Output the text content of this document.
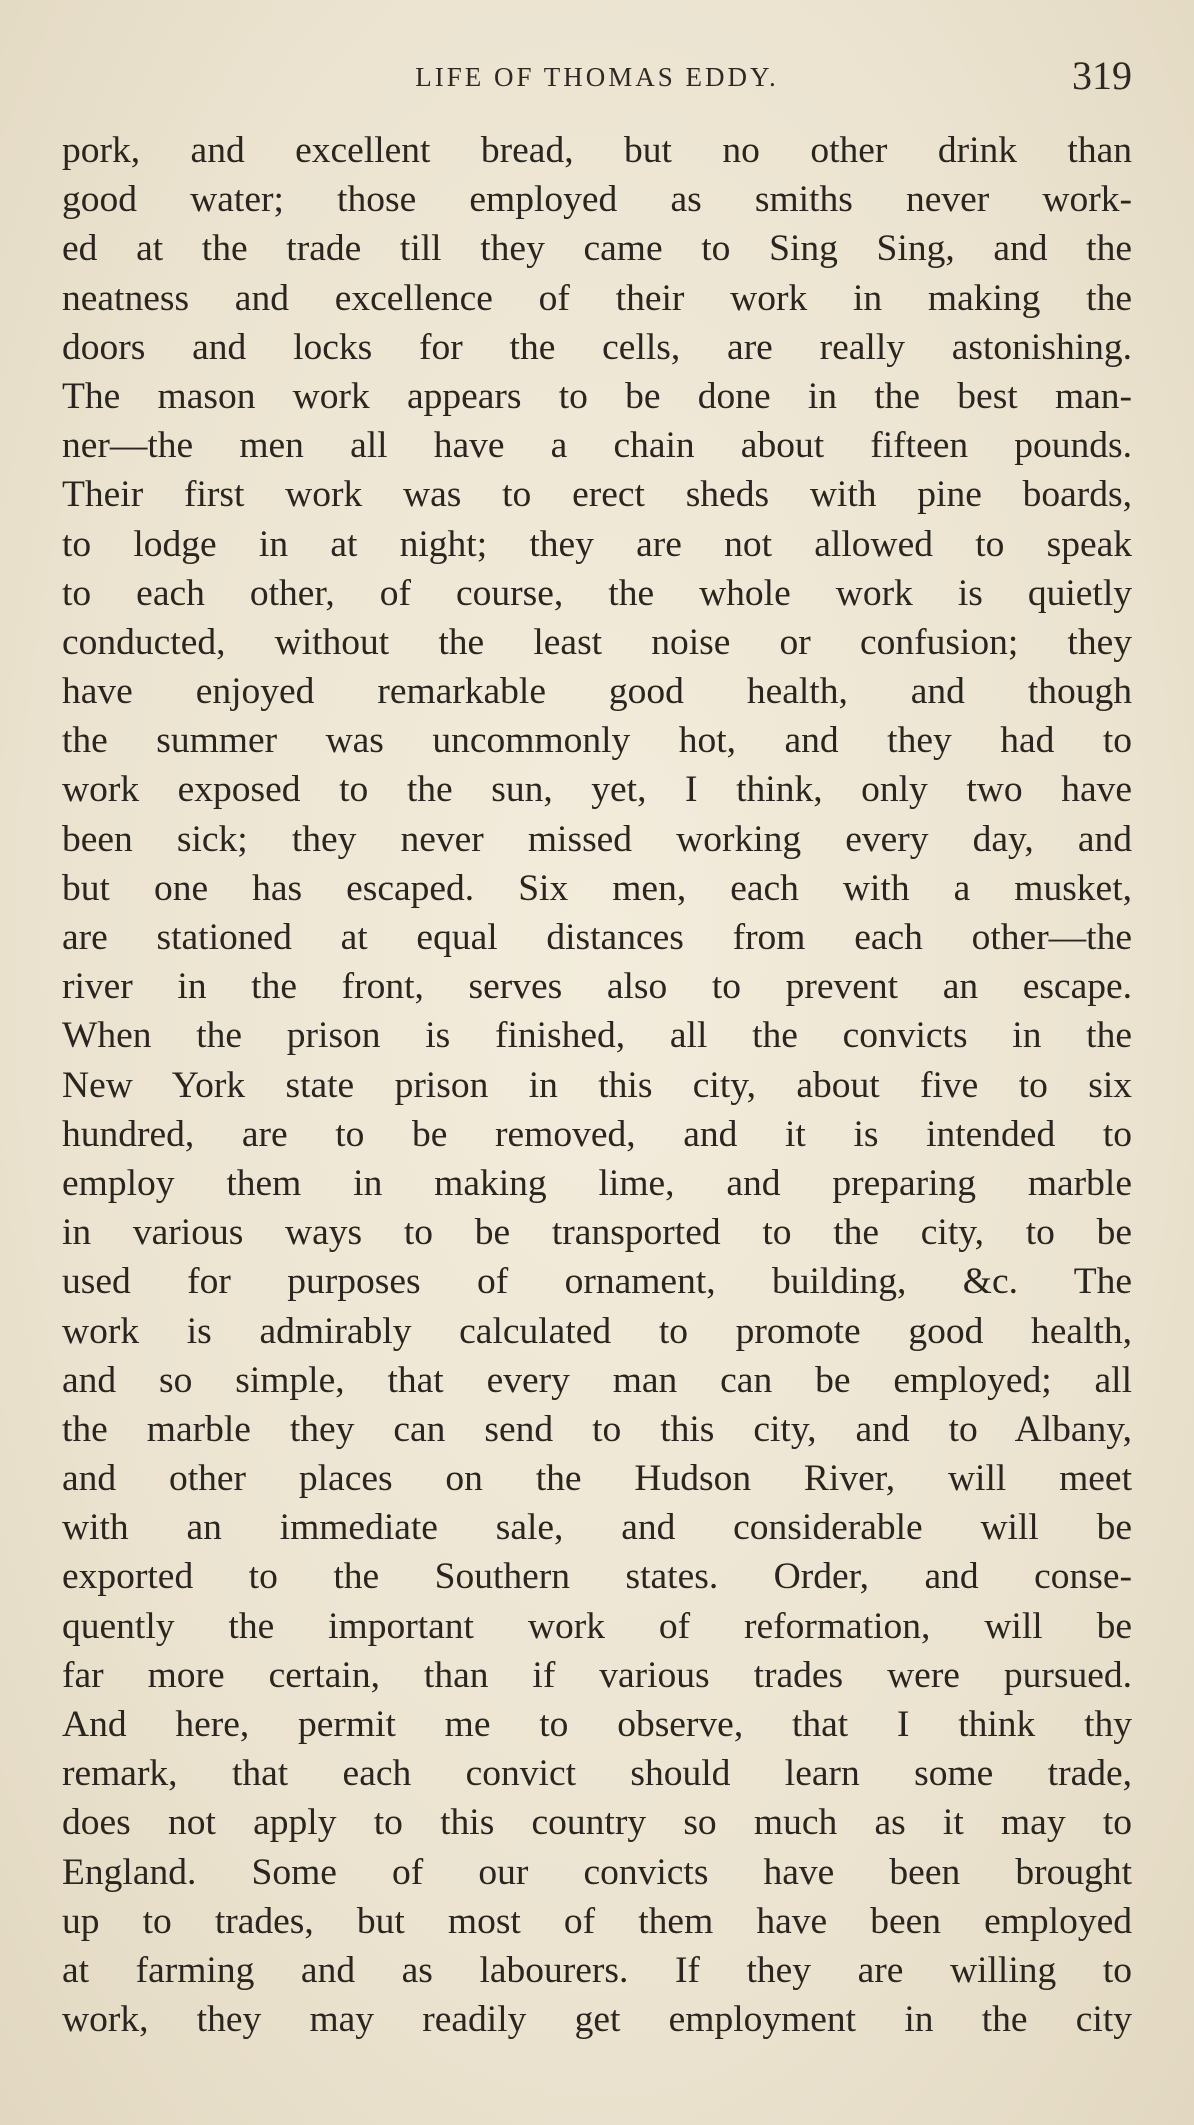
LIFE OF THOMAS EDDY.	319
pork, and excellent bread, but no other drink than
good water; those employed as smiths never work-
ed at the trade till they came to Sing Sing, and the
neatness and excellence of their work in making the
doors and locks for the cells, are really astonishing.
The mason work appears to be done in the best man-
ner—the men all have a chain about fifteen pounds.
Their first work was to erect sheds with pine boards,
to lodge in at night; they are not allowed to speak
to each other, of course, the whole work is quietly
conducted, without the least noise or confusion; they
have enjoyed remarkable good health, and though
the summer was uncommonly hot, and they had to
work exposed to the sun, yet, I think, only two have
been sick; they never missed working every day, and
but one has escaped. Six men, each with a musket,
are stationed at equal distances from each other—the
river in the front, serves also to prevent an escape.
When the prison is finished, all the convicts in the
New York state prison in this city, about five to six
hundred, are to be removed, and it is intended to
employ them in making lime, and preparing marble
in various ways to be transported to the city, to be
used for purposes of ornament, building, &c. The
work is admirably calculated to promote good health,
and so simple, that every man can be employed; all
the marble they can send to this city, and to Albany,
and other places on the Hudson River, will meet
with an immediate sale, and considerable will be
exported to the Southern states. Order, and conse-
quently the important work of reformation, will be
far more certain, than if various trades were pursued.
And here, permit me to observe, that I think thy
remark, that each convict should learn some trade,
does not apply to this country so much as it may to
England. Some of our convicts have been brought
up to trades, but most of them have been employed
at farming and as labourers. If they are willing to
work, they may readily get employment in the city
